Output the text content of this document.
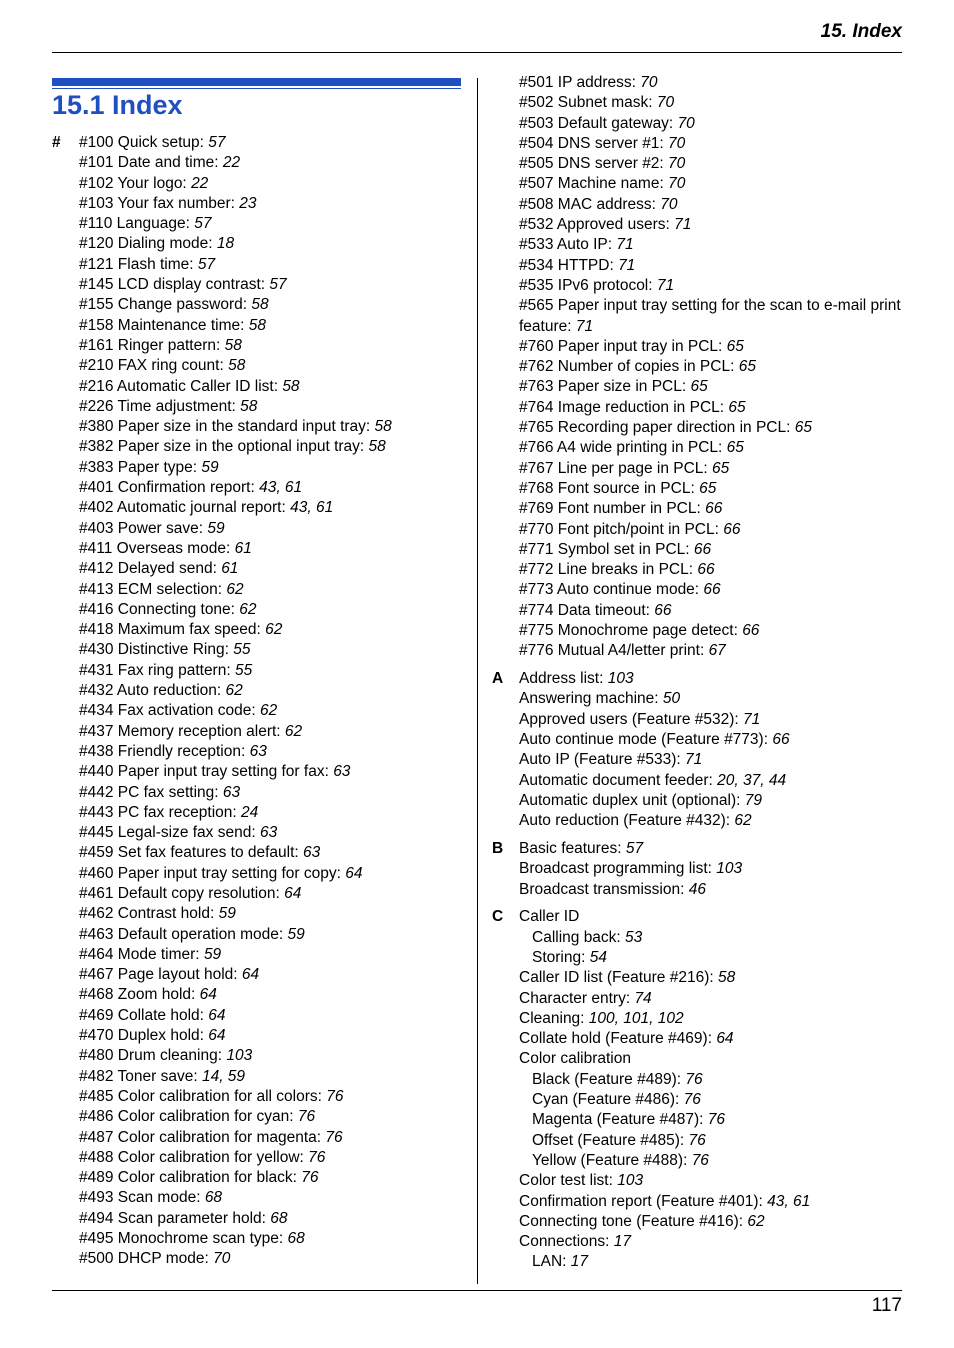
15. Index
15.1 Index
# #100 Quick setup: 57
#101 Date and time: 22
#102 Your logo: 22
#103 Your fax number: 23
#110 Language: 57
#120 Dialing mode: 18
#121 Flash time: 57
#145 LCD display contrast: 57
#155 Change password: 58
#158 Maintenance time: 58
#161 Ringer pattern: 58
#210 FAX ring count: 58
#216 Automatic Caller ID list: 58
#226 Time adjustment: 58
#380 Paper size in the standard input tray: 58
#382 Paper size in the optional input tray: 58
#383 Paper type: 59
#401 Confirmation report: 43, 61
#402 Automatic journal report: 43, 61
#403 Power save: 59
#411 Overseas mode: 61
#412 Delayed send: 61
#413 ECM selection: 62
#416 Connecting tone: 62
#418 Maximum fax speed: 62
#430 Distinctive Ring: 55
#431 Fax ring pattern: 55
#432 Auto reduction: 62
#434 Fax activation code: 62
#437 Memory reception alert: 62
#438 Friendly reception: 63
#440 Paper input tray setting for fax: 63
#442 PC fax setting: 63
#443 PC fax reception: 24
#445 Legal-size fax send: 63
#459 Set fax features to default: 63
#460 Paper input tray setting for copy: 64
#461 Default copy resolution: 64
#462 Contrast hold: 59
#463 Default operation mode: 59
#464 Mode timer: 59
#467 Page layout hold: 64
#468 Zoom hold: 64
#469 Collate hold: 64
#470 Duplex hold: 64
#480 Drum cleaning: 103
#482 Toner save: 14, 59
#485 Color calibration for all colors: 76
#486 Color calibration for cyan: 76
#487 Color calibration for magenta: 76
#488 Color calibration for yellow: 76
#489 Color calibration for black: 76
#493 Scan mode: 68
#494 Scan parameter hold: 68
#495 Monochrome scan type: 68
#500 DHCP mode: 70
#501 IP address: 70
#502 Subnet mask: 70
#503 Default gateway: 70
#504 DNS server #1: 70
#505 DNS server #2: 70
#507 Machine name: 70
#508 MAC address: 70
#532 Approved users: 71
#533 Auto IP: 71
#534 HTTPD: 71
#535 IPv6 protocol: 71
#565 Paper input tray setting for the scan to e-mail print feature: 71
#760 Paper input tray in PCL: 65
#762 Number of copies in PCL: 65
#763 Paper size in PCL: 65
#764 Image reduction in PCL: 65
#765 Recording paper direction in PCL: 65
#766 A4 wide printing in PCL: 65
#767 Line per page in PCL: 65
#768 Font source in PCL: 65
#769 Font number in PCL: 66
#770 Font pitch/point in PCL: 66
#771 Symbol set in PCL: 66
#772 Line breaks in PCL: 66
#773 Auto continue mode: 66
#774 Data timeout: 66
#775 Monochrome page detect: 66
#776 Mutual A4/letter print: 67
A Address list: 103
Answering machine: 50
Approved users (Feature #532): 71
Auto continue mode (Feature #773): 66
Auto IP (Feature #533): 71
Automatic document feeder: 20, 37, 44
Automatic duplex unit (optional): 79
Auto reduction (Feature #432): 62
B Basic features: 57
Broadcast programming list: 103
Broadcast transmission: 46
C Caller ID
Calling back: 53
Storing: 54
Caller ID list (Feature #216): 58
Character entry: 74
Cleaning: 100, 101, 102
Collate hold (Feature #469): 64
Color calibration
Black (Feature #489): 76
Cyan (Feature #486): 76
Magenta (Feature #487): 76
Offset (Feature #485): 76
Yellow (Feature #488): 76
Color test list: 103
Confirmation report (Feature #401): 43, 61
Connecting tone (Feature #416): 62
Connections: 17
LAN: 17
117
